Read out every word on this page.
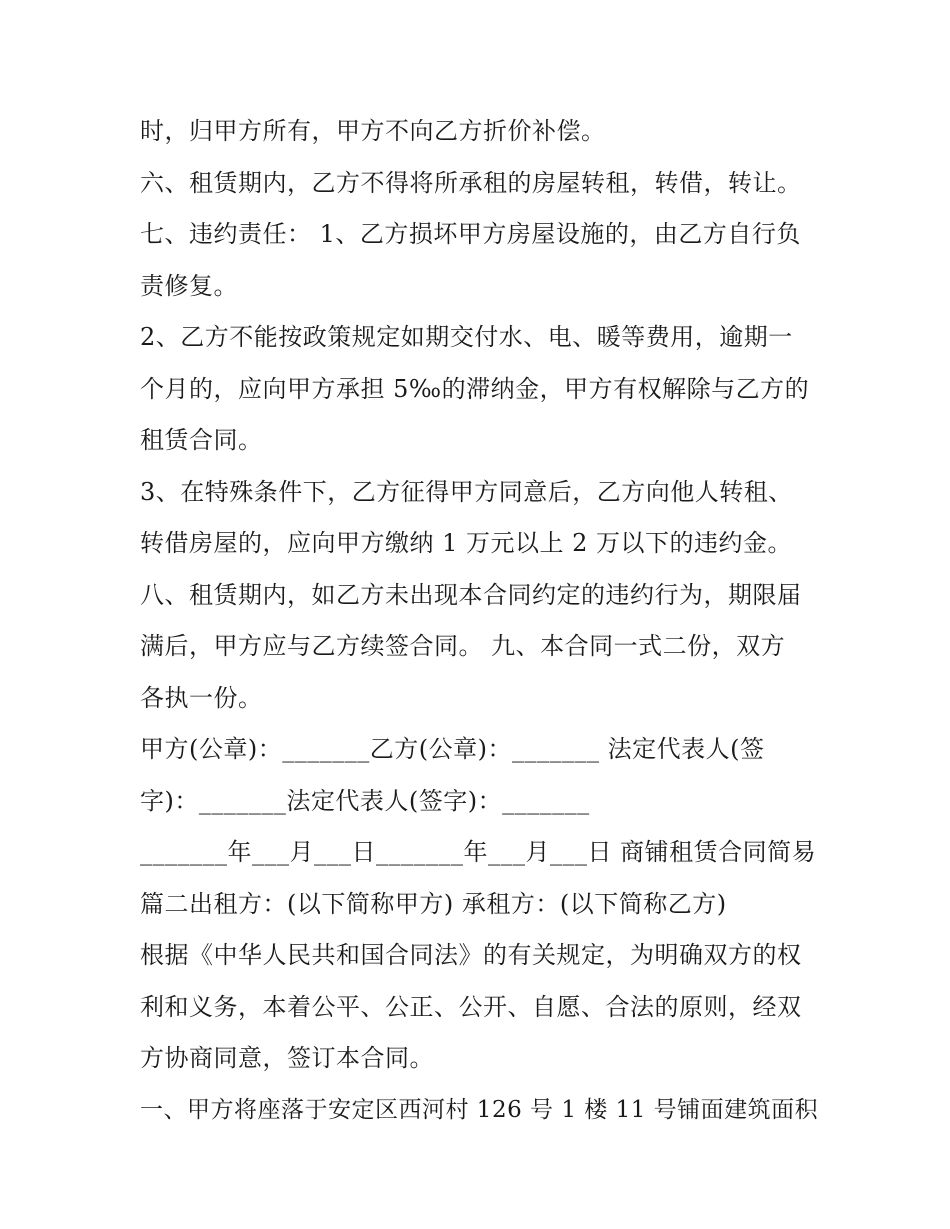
时，归甲方所有，甲方不向乙方折价补偿。
六、租赁期内，乙方不得将所承租的房屋转租，转借，转让。
七、违约责任： 1、乙方损坏甲方房屋设施的，由乙方自行负
责修复。
2、乙方不能按政策规定如期交付水、电、暖等费用，逾期一
个月的，应向甲方承担 5‰的滞纳金，甲方有权解除与乙方的
租赁合同。
3、在特殊条件下，乙方征得甲方同意后，乙方向他人转租、
转借房屋的，应向甲方缴纳 1 万元以上 2 万以下的违约金。
八、租赁期内，如乙方未出现本合同约定的违约行为，期限届
满后，甲方应与乙方续签合同。 九、本合同一式二份，双方
各执一份。
甲方(公章)：_______乙方(公章)：_______ 法定代表人(签
字)：_______法定代表人(签字)：_______
_______年___月___日_______年___月___日 商铺租赁合同简易
篇二出租方：(以下简称甲方) 承租方：(以下简称乙方)
根据《中华人民共和国合同法》的有关规定，为明确双方的权
利和义务，本着公平、公正、公开、自愿、合法的原则，经双
方协商同意，签订本合同。
一、甲方将座落于安定区西河村 126 号 1 楼 11 号铺面建筑面积
